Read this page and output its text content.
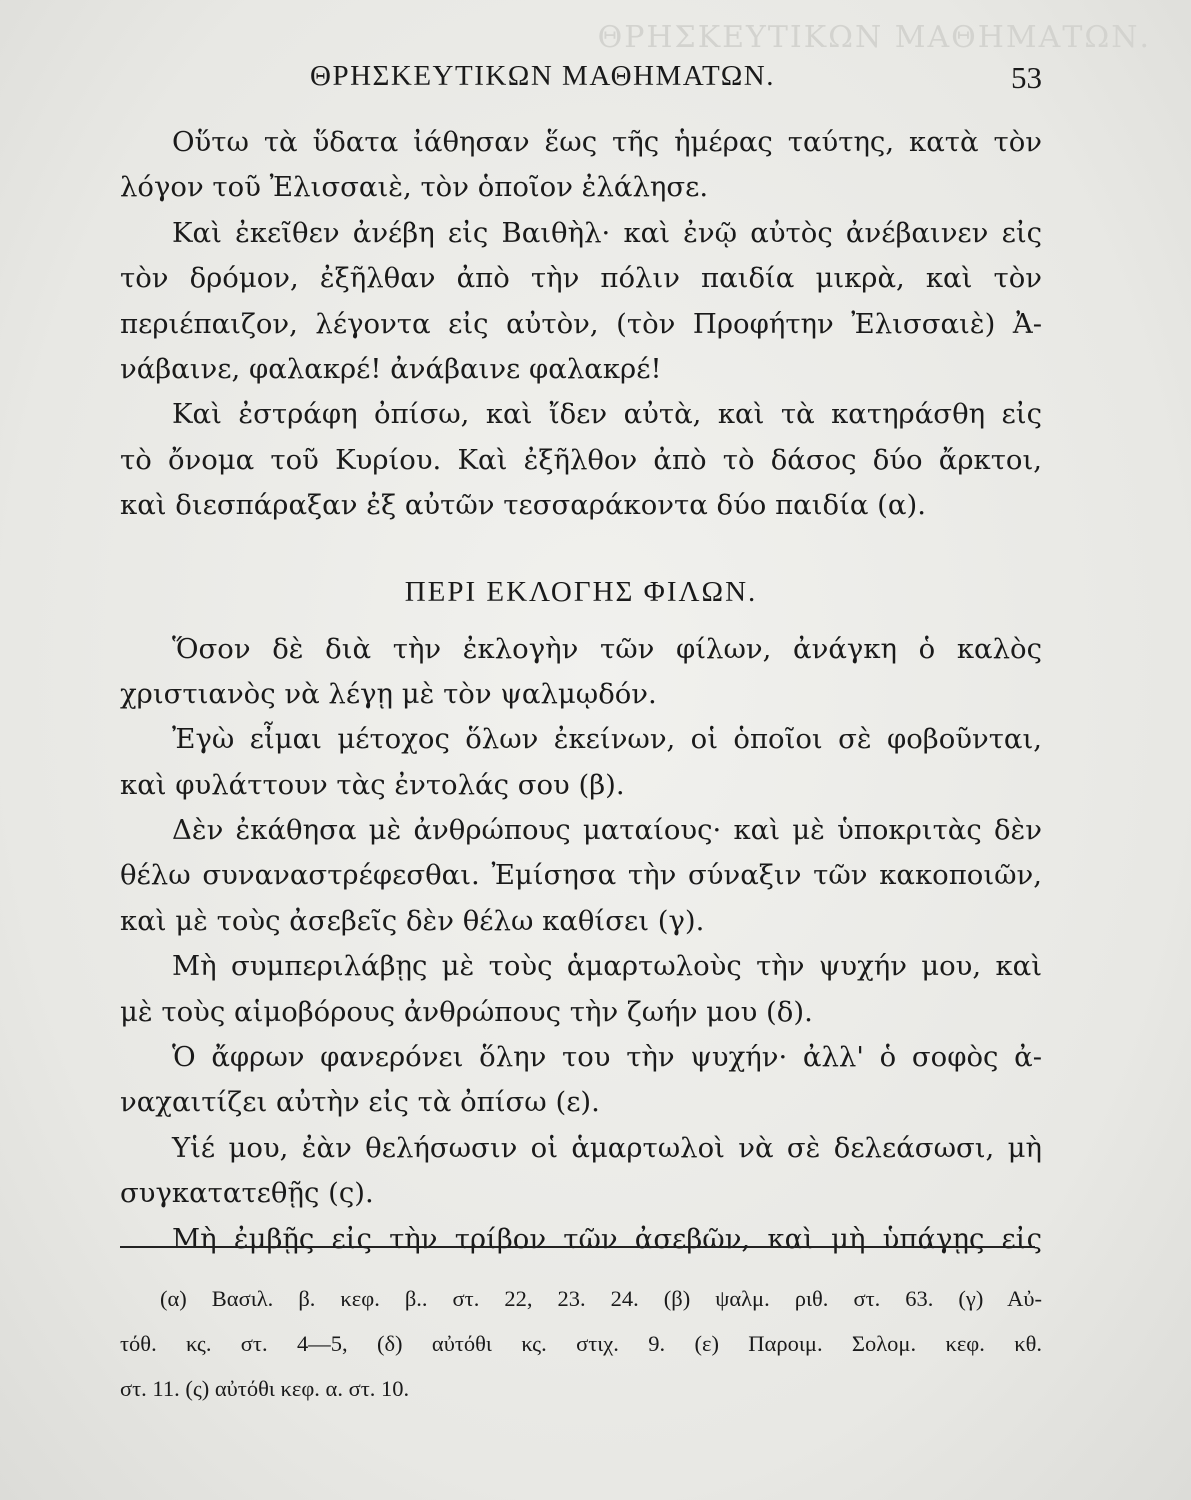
ΘΡΗΣΚΕΥΤΙΚΩΝ ΜΑΘΗΜΑΤΩΝ.
ΘΡΗΣΚΕΥΤΙΚΩΝ ΜΑΘΗΜΑΤΩΝ.	53
Οὕτω τὰ ὕδατα ἰάθησαν ἕως τῆς ἡμέρας ταύτης, κατὰ τὸν
λόγον τοῦ Ἐλισσαιὲ, τὸν ὁποῖον ἐλάλησε.
Καὶ ἐκεῖθεν ἀνέβη εἰς Βαιθὴλ· καὶ ἐνῷ αὐτὸς ἀνέβαινεν εἰς
τὸν δρόμον, ἐξῆλθαν ἀπὸ τὴν πόλιν παιδία μικρὰ, καὶ τὸν
περιέπαιζον, λέγοντα εἰς αὐτὸν, (τὸν Προφήτην Ἐλισσαιὲ) Ἀ-
νάβαινε, φαλακρέ! ἀνάβαινε φαλακρέ!
Καὶ ἐστράφη ὀπίσω, καὶ ἴδεν αὐτὰ, καὶ τὰ κατηράσθη εἰς
τὸ ὄνομα τοῦ Κυρίου. Καὶ ἐξῆλθον ἀπὸ τὸ δάσος δύο ἄρκτοι,
καὶ διεσπάραξαν ἐξ αὐτῶν τεσσαράκοντα δύο παιδία (α).
ΠΕΡΙ ΕΚΛΟΓΗΣ ΦΙΛΩΝ.
Ὅσον δὲ διὰ τὴν ἐκλογὴν τῶν φίλων, ἀνάγκη ὁ καλὸς
χριστιανὸς νὰ λέγῃ μὲ τὸν ψαλμῳδόν.
Ἐγὼ εἶμαι μέτοχος ὅλων ἐκείνων, οἱ ὁποῖοι σὲ φοβοῦνται,
καὶ φυλάττουν τὰς ἐντολάς σου (β).
Δὲν ἐκάθησα μὲ ἀνθρώπους ματαίους· καὶ μὲ ὑποκριτὰς δὲν
θέλω συναναστρέφεσθαι. Ἐμίσησα τὴν σύναξιν τῶν κακοποιῶν,
καὶ μὲ τοὺς ἀσεβεῖς δὲν θέλω καθίσει (γ).
Μὴ συμπεριλάβῃς μὲ τοὺς ἁμαρτωλοὺς τὴν ψυχήν μου, καὶ
μὲ τοὺς αἱμοβόρους ἀνθρώπους τὴν ζωήν μου (δ).
Ὁ ἄφρων φανερόνει ὅλην του τὴν ψυχήν· ἀλλ' ὁ σοφὸς ἀ-
ναχαιτίζει αὐτὴν εἰς τὰ ὀπίσω (ε).
Υἱέ μου, ἐὰν θελήσωσιν οἱ ἁμαρτωλοὶ νὰ σὲ δελεάσωσι, μὴ
συγκατατεθῇς (ς).
Μὴ ἐμβῇς εἰς τὴν τρίβον τῶν ἀσεβῶν, καὶ μὴ ὑπάγῃς εἰς
(α) Βασιλ. β. κεφ. β.. στ. 22, 23. 24. (β) ψαλμ. ριθ. στ. 63. (γ) Αὐ-
τόθ. κς. στ. 4—5, (δ) αὐτόθι κς. στιχ. 9. (ε) Παροιμ. Σολομ. κεφ. κθ.
στ. 11. (ς) αὐτόθι κεφ. α. στ. 10.
